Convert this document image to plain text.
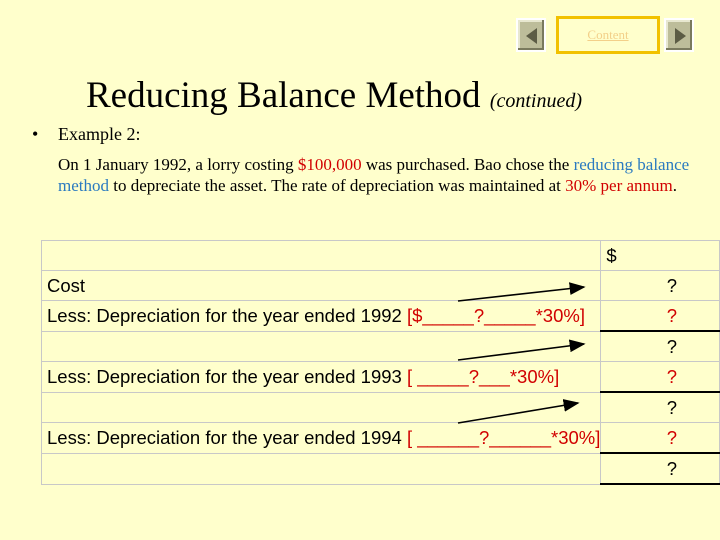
Content
Reducing Balance Method (continued)
• Example 2:
On 1 January 1992, a lorry costing $100,000 was purchased. Bao chose the reducing balance method to depreciate the asset. The rate of depreciation was maintained at 30% per annum.
	$
Cost	?
Less: Depreciation for the year ended 1992 [$_____?_____*30%]	?
	?
Less: Depreciation for the year ended 1993 [ _____?___*30%]	?
	?
Less: Depreciation for the year ended 1994 [ ______?______*30%]	?
	?
